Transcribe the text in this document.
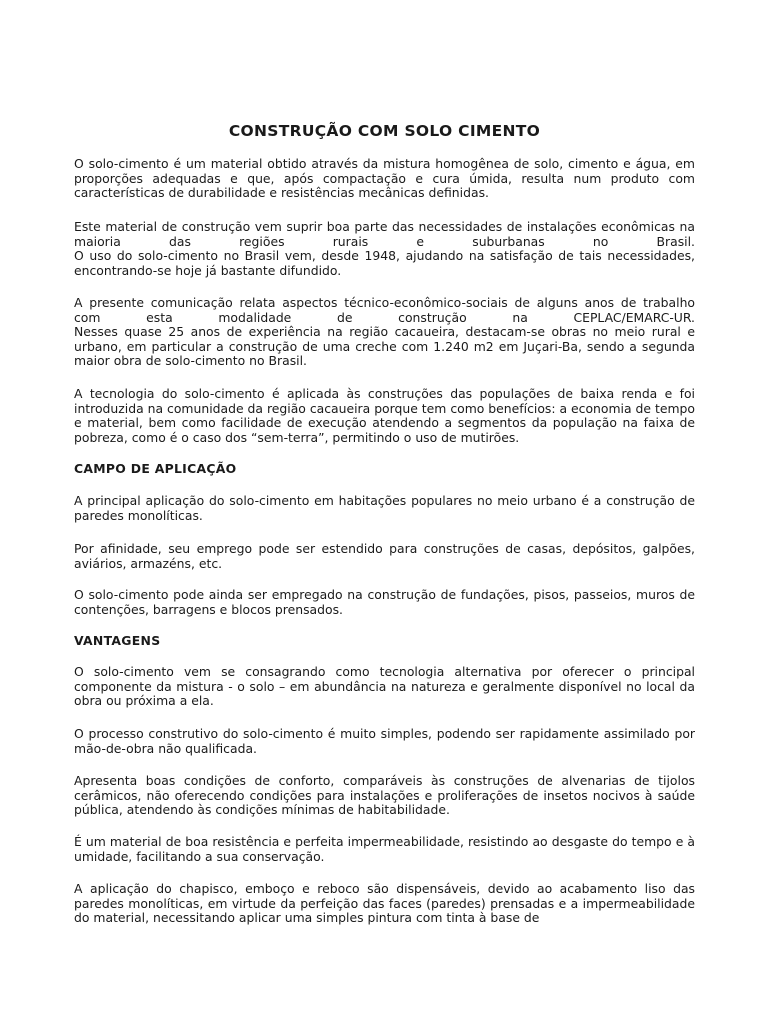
CONSTRUÇÃO COM SOLO CIMENTO

O solo-cimento é um material obtido através da mistura homogênea de solo, cimento e água, em proporções adequadas e que, após compactação e cura úmida, resulta num produto com características de durabilidade e resistências mecânicas definidas.

Este material de construção vem suprir boa parte das necessidades de instalações econômicas na maioria das regiões rurais e suburbanas no Brasil.
O uso do solo-cimento no Brasil vem, desde 1948, ajudando na satisfação de tais necessidades, encontrando-se hoje já bastante difundido.
A presente comunicação relata aspectos técnico-econômico-sociais de alguns anos de trabalho com esta modalidade de construção na CEPLAC/EMARC-UR.
Nesses quase 25 anos de experiência na região cacaueira, destacam-se obras no meio rural e urbano, em particular a construção de uma creche com 1.240 m2 em Juçari-Ba, sendo a segunda maior obra de solo-cimento no Brasil.

A tecnologia do solo-cimento é aplicada às construções das populações de baixa renda e foi introduzida na comunidade da região cacaueira porque tem como benefícios: a economia de tempo e material, bem como facilidade de execução atendendo a segmentos da população na faixa de pobreza, como é o caso dos “sem-terra”, permitindo o uso de mutirões.

CAMPO DE APLICAÇÃO

A principal aplicação do solo-cimento em habitações populares no meio urbano é a construção de paredes monolíticas.

Por afinidade, seu emprego pode ser estendido para construções de casas, depósitos, galpões, aviários, armazéns, etc.

O solo-cimento pode ainda ser empregado na construção de fundações, pisos, passeios, muros de contenções, barragens e blocos prensados.

VANTAGENS

O solo-cimento vem se consagrando como tecnologia alternativa por oferecer o principal componente da mistura - o solo – em abundância na natureza e geralmente disponível no local da obra ou próxima a ela.

O processo construtivo do solo-cimento é muito simples, podendo ser rapidamente assimilado por mão-de-obra não qualificada.

Apresenta boas condições de conforto, comparáveis às construções de alvenarias de tijolos cerâmicos, não oferecendo condições para instalações e proliferações de insetos nocivos à saúde pública, atendendo às condições mínimas de habitabilidade.

É um material de boa resistência e perfeita impermeabilidade, resistindo ao desgaste do tempo e à umidade, facilitando a sua conservação.

A aplicação do chapisco, emboço e reboco são dispensáveis, devido ao acabamento liso das paredes monolíticas, em virtude da perfeição das faces (paredes) prensadas e a impermeabilidade do material, necessitando aplicar uma simples pintura com tinta à base de
